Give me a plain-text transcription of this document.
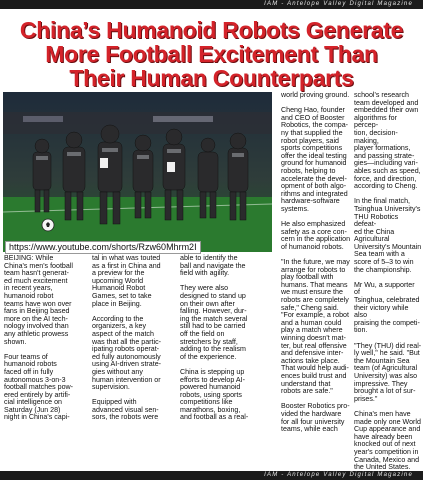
IAM - Antelope Valley Digital Magazine
China’s Humanoid Robots Generate
More Football Excitement Than
Their Human Counterparts
https://www.youtube.com/shorts/Rzw60Mhrm2I

BEIJING: While
China's men's football
team hasn't generat-
ed much excitement
in recent years,
humanoid robot
teams have won over
fans in Beijing based
more on the AI tech-
nology involved than
any athletic prowess
shown.

Four teams of
humanoid robots
faced off in fully
autonomous 3-on-3
football matches pow-
ered entirely by artifi-
cial intelligence on
Saturday (Jun 28)
night in China's capi-

tal in what was touted
as a first in China and
a preview for the
upcoming World
Humanoid Robot
Games, set to take
place in Beijing.

According to the
organizers, a key
aspect of the match
was that all the partic-
ipating robots operat-
ed fully autonomously
using AI-driven strate-
gies without any
human intervention or
supervision.

Equipped with
advanced visual sen-
sors, the robots were

able to identify the
ball and navigate the
field with agility.

They were also
designed to stand up
on their own after
falling. However, dur-
ing the match several
still had to be carried
off the field on
stretchers by staff,
adding to the realism
of the experience.

China is stepping up
efforts to develop AI-
powered humanoid
robots, using sports
competitions like
marathons, boxing,
and football as a real-

world proving ground.

Cheng Hao, founder
and CEO of Booster
Robotics, the compa-
ny that supplied the
robot players, said
sports competitions
offer the ideal testing
ground for humanoid
robots, helping to
accelerate the devel-
opment of both algo-
rithms and integrated
hardware-software
systems.

He also emphasized
safety as a core con-
cern in the application
of humanoid robots.

"In the future, we may
arrange for robots to
play football with
humans. That means
we must ensure the
robots are completely
safe," Cheng said.
"For example, a robot
and a human could
play a match where
winning doesn't mat-
ter, but real offensive
and defensive inter-
actions take place.
That would help audi-
ences build trust and
understand that
robots are safe."

Booster Robotics pro-
vided the hardware
for all four university
teams, while each

school's research
team developed and
embedded their own
algorithms for percep-
tion, decision-making,
player formations,
and passing strate-
gies—including vari-
ables such as speed,
force, and direction,
according to Cheng.

In the final match,
Tsinghua University's
THU Robotics defeat-
ed the China
Agricultural
University's Mountain
Sea team with a
score of 5–3 to win
the championship.

Mr Wu, a supporter of
Tsinghua, celebrated
their victory while also
praising the competi-
tion.

"They (THU) did real-
ly well," he said. "But
the Mountain Sea
team (of Agricultural
University) was also
impressive. They
brought a lot of sur-
prises."

China's men have
made only one World
Cup appearance and
have already been
knocked out of next
year's competition in
Canada, Mexico and
the United States.

IAM - Antelope Valley Digital Magazine
